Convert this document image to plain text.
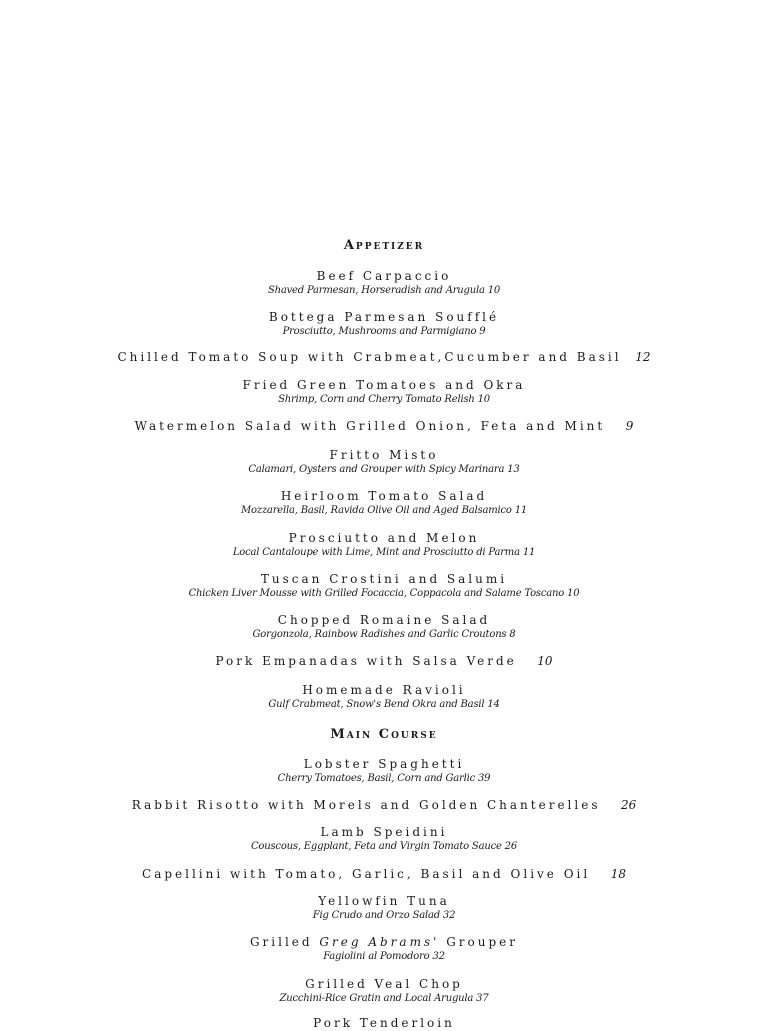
Appetizer
Beef Carpaccio
Shaved Parmesan, Horseradish and Arugula 10
Bottega Parmesan Soufflé
Prosciutto, Mushrooms and Parmigiano 9
Chilled Tomato Soup with Crabmeat,Cucumber and Basil 12
Fried Green Tomatoes and Okra
Shrimp, Corn and Cherry Tomato Relish 10
Watermelon Salad with Grilled Onion, Feta and Mint 9
Fritto Misto
Calamari, Oysters and Grouper with Spicy Marinara 13
Heirloom Tomato Salad
Mozzarella, Basil, Ravida Olive Oil and Aged Balsamico 11
Prosciutto and Melon
Local Cantaloupe with Lime, Mint and Prosciutto di Parma 11
Tuscan Crostini and Salumi
Chicken Liver Mousse with Grilled Focaccia, Coppacola and Salame Toscano 10
Chopped Romaine Salad
Gorgonzola, Rainbow Radishes and Garlic Croutons 8
Pork Empanadas with Salsa Verde 10
Homemade Ravioli
Gulf Crabmeat, Snow's Bend Okra and Basil 14
Main Course
Lobster Spaghetti
Cherry Tomatoes, Basil, Corn and Garlic 39
Rabbit Risotto with Morels and Golden Chanterelles 26
Lamb Speidini
Couscous, Eggplant, Feta and Virgin Tomato Sauce 26
Capellini with Tomato, Garlic, Basil and Olive Oil 18
Yellowfin Tuna
Fig Crudo and Orzo Salad 32
Grilled Greg Abrams' Grouper
Fagiolini al Pomodoro 32
Grilled Veal Chop
Zucchini-Rice Gratin and Local Arugula 37
Pork Tenderloin
